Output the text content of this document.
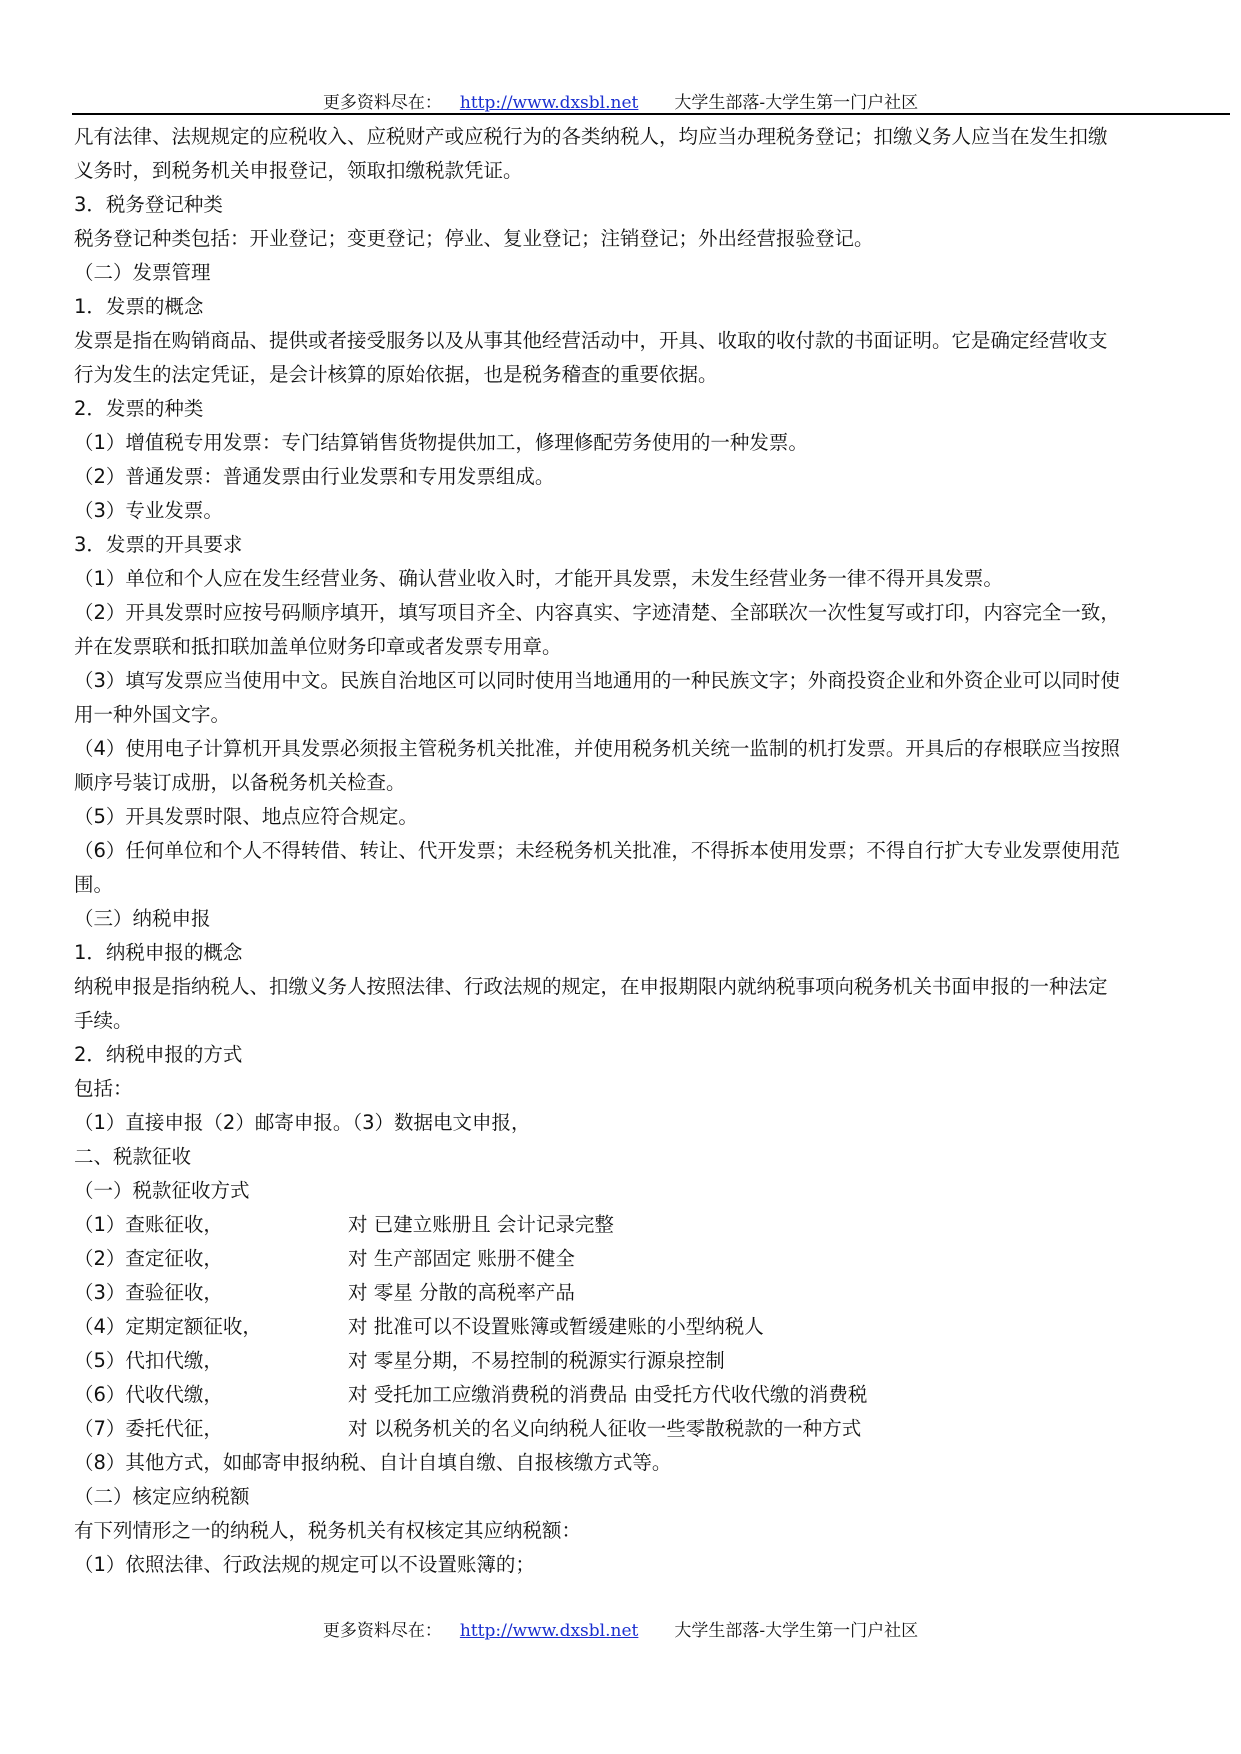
更多资料尽在： http://www.dxsbl.net 大学生部落-大学生第一门户社区
凡有法律、法规规定的应税收入、应税财产或应税行为的各类纳税人，均应当办理税务登记；扣缴义务人应当在发生扣缴
义务时，到税务机关申报登记，领取扣缴税款凭证。
3．税务登记种类
税务登记种类包括：开业登记；变更登记；停业、复业登记；注销登记；外出经营报验登记。
（二）发票管理
1．发票的概念
发票是指在购销商品、提供或者接受服务以及从事其他经营活动中，开具、收取的收付款的书面证明。它是确定经营收支
行为发生的法定凭证，是会计核算的原始依据，也是税务稽查的重要依据。
2．发票的种类
（1）增值税专用发票：专门结算销售货物提供加工，修理修配劳务使用的一种发票。
（2）普通发票：普通发票由行业发票和专用发票组成。
（3）专业发票。
3．发票的开具要求
（1）单位和个人应在发生经营业务、确认营业收入时，才能开具发票，未发生经营业务一律不得开具发票。
（2）开具发票时应按号码顺序填开，填写项目齐全、内容真实、字迹清楚、全部联次一次性复写或打印，内容完全一致，
并在发票联和抵扣联加盖单位财务印章或者发票专用章。
（3）填写发票应当使用中文。民族自治地区可以同时使用当地通用的一种民族文字；外商投资企业和外资企业可以同时使
用一种外国文字。
（4）使用电子计算机开具发票必须报主管税务机关批准，并使用税务机关统一监制的机打发票。开具后的存根联应当按照
顺序号装订成册，以备税务机关检查。
（5）开具发票时限、地点应符合规定。
（6）任何单位和个人不得转借、转让、代开发票；未经税务机关批准，不得拆本使用发票；不得自行扩大专业发票使用范
围。
（三）纳税申报
1．纳税申报的概念
纳税申报是指纳税人、扣缴义务人按照法律、行政法规的规定，在申报期限内就纳税事项向税务机关书面申报的一种法定
手续。
2．纳税申报的方式
包括：
（1）直接申报（2）邮寄申报。（3）数据电文申报，
二、税款征收
（一）税款征收方式
（1）查账征收，	对 已建立账册且 会计记录完整
（2）查定征收，	对 生产部固定 账册不健全
（3）查验征收，	对 零星 分散的高税率产品
（4）定期定额征收，	对 批准可以不设置账簿或暂缓建账的小型纳税人
（5）代扣代缴，	对 零星分期，不易控制的税源实行源泉控制
（6）代收代缴，	对 受托加工应缴消费税的消费品 由受托方代收代缴的消费税
（7）委托代征，	对 以税务机关的名义向纳税人征收一些零散税款的一种方式
（8）其他方式，如邮寄申报纳税、自计自填自缴、自报核缴方式等。
（二）核定应纳税额
有下列情形之一的纳税人，税务机关有权核定其应纳税额：
（1）依照法律、行政法规的规定可以不设置账簿的；
更多资料尽在： http://www.dxsbl.net 大学生部落-大学生第一门户社区
